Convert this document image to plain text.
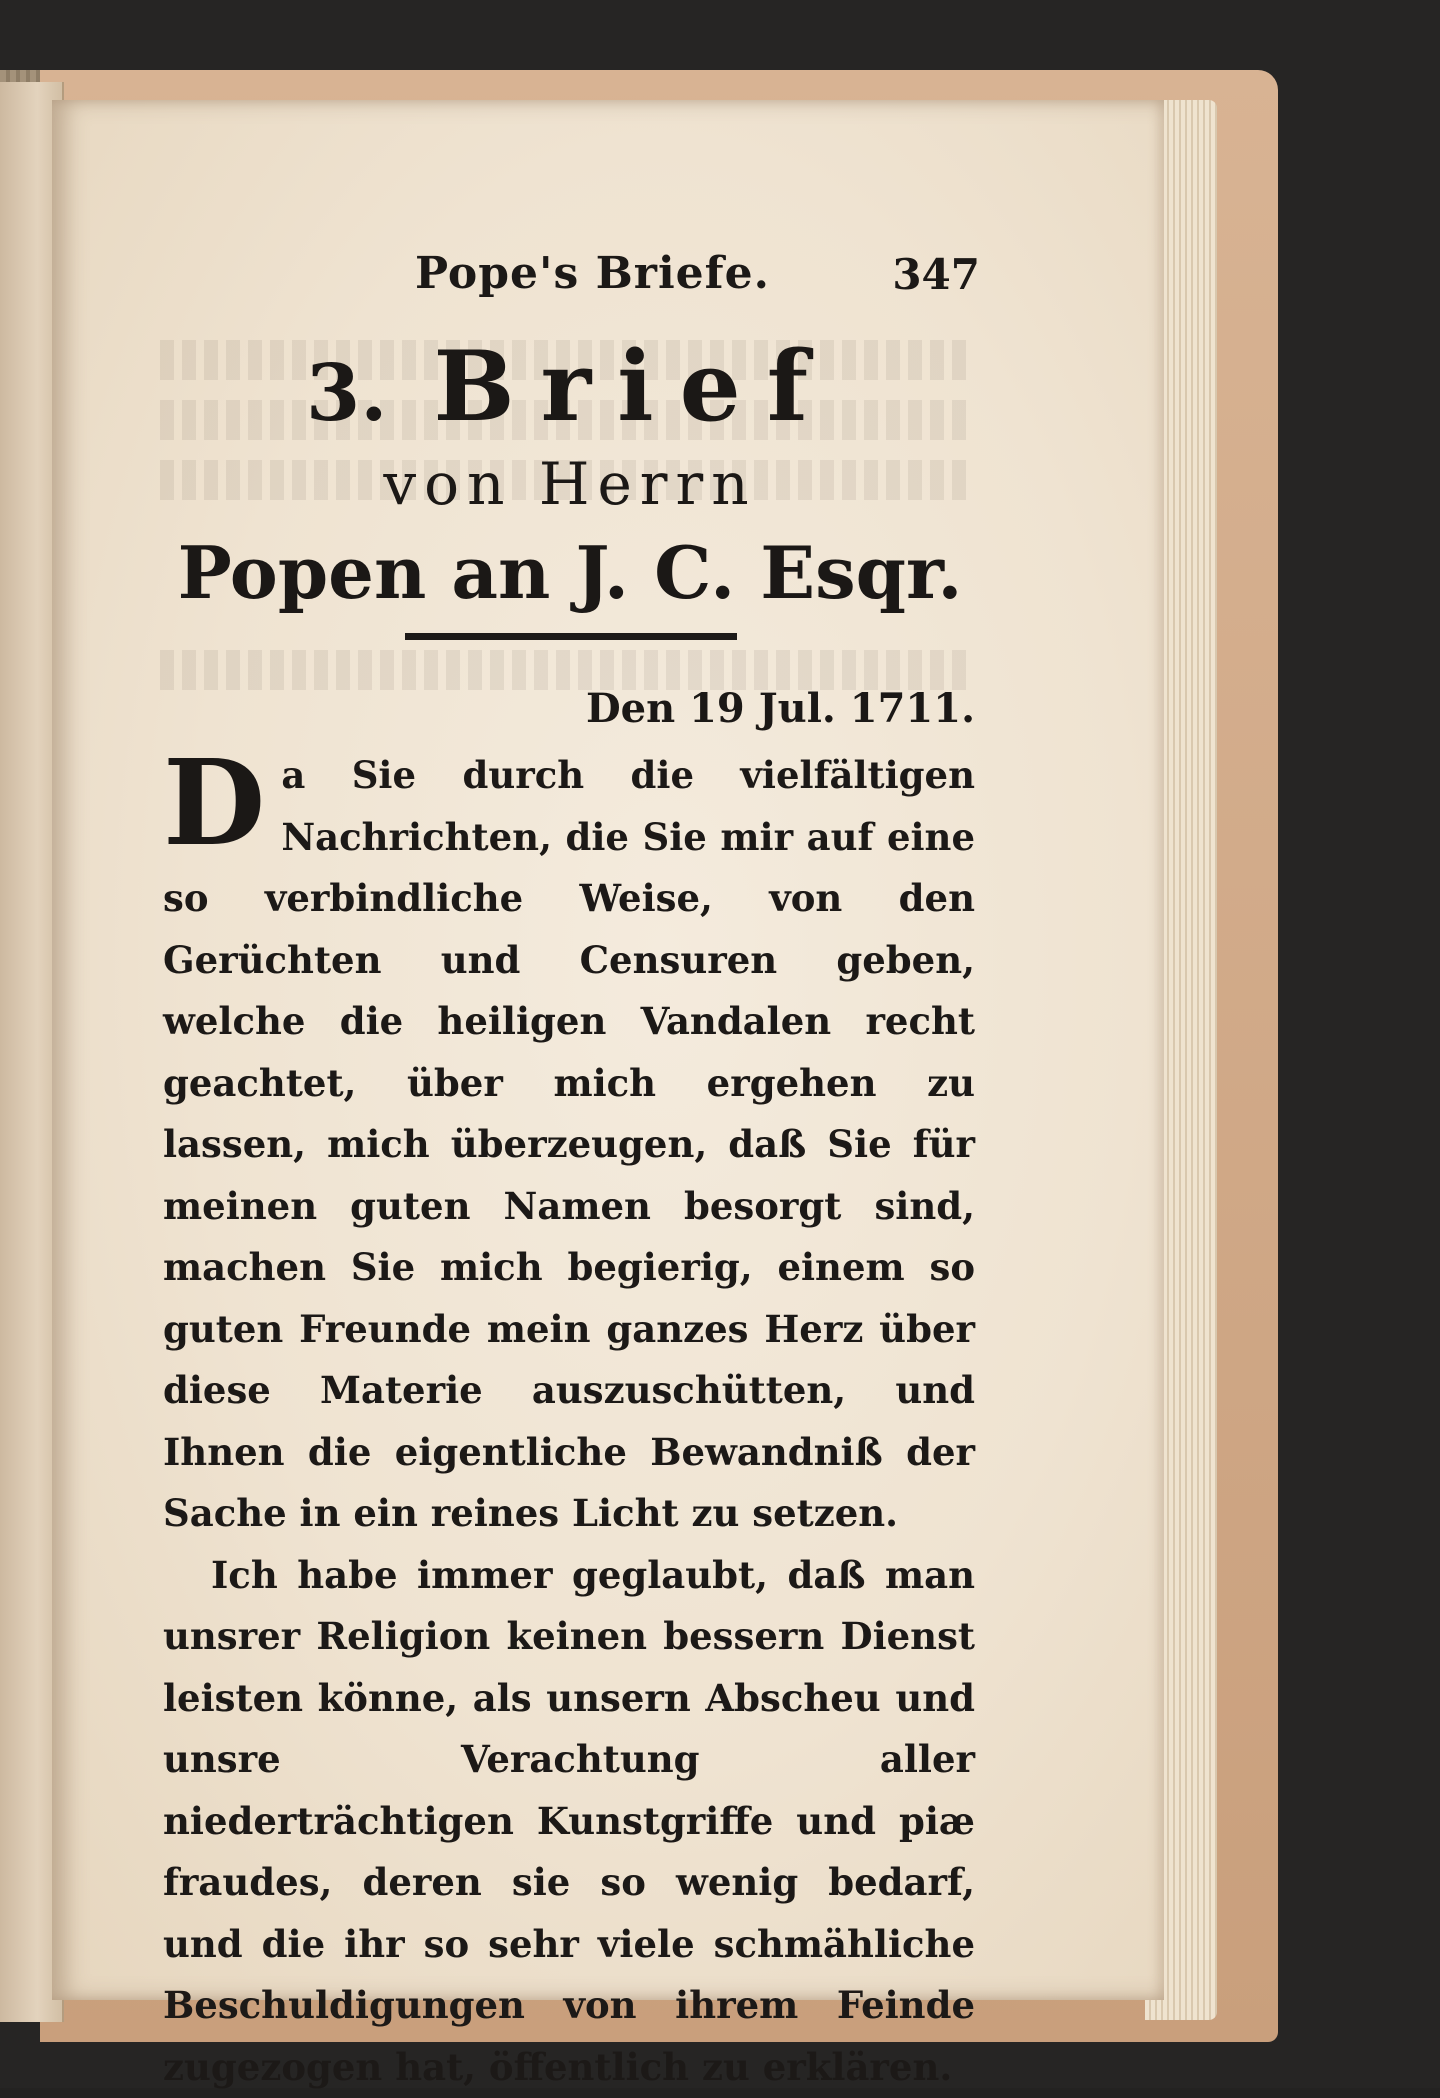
Pope's Briefe.	347
3. Brief
von Herrn
Popen an J. C. Esqr.
Den 19 Jul. 1711.

Da Sie durch die vielfältigen Nachrichten, die Sie mir auf eine so verbindliche Weise, von den Gerüchten und Censuren geben, welche die heiligen Vandalen recht geachtet, über mich ergehen zu lassen, mich überzeugen, daß Sie für meinen guten Namen besorgt sind, machen Sie mich begierig, einem so guten Freunde mein ganzes Herz über diese Materie auszuschütten, und Ihnen die eigentliche Bewandniß der Sache in ein reines Licht zu setzen.

Ich habe immer geglaubt, daß man unsrer Religion keinen bessern Dienst leisten könne, als unsern Abscheu und unsre Verachtung aller niederträchtigen Kunstgriffe und piæ fraudes, deren sie so wenig bedarf, und die ihr so sehr viele schmähliche Beschuldigungen von ihrem Feinde zugezogen hat, öffentlich zu erklären.
